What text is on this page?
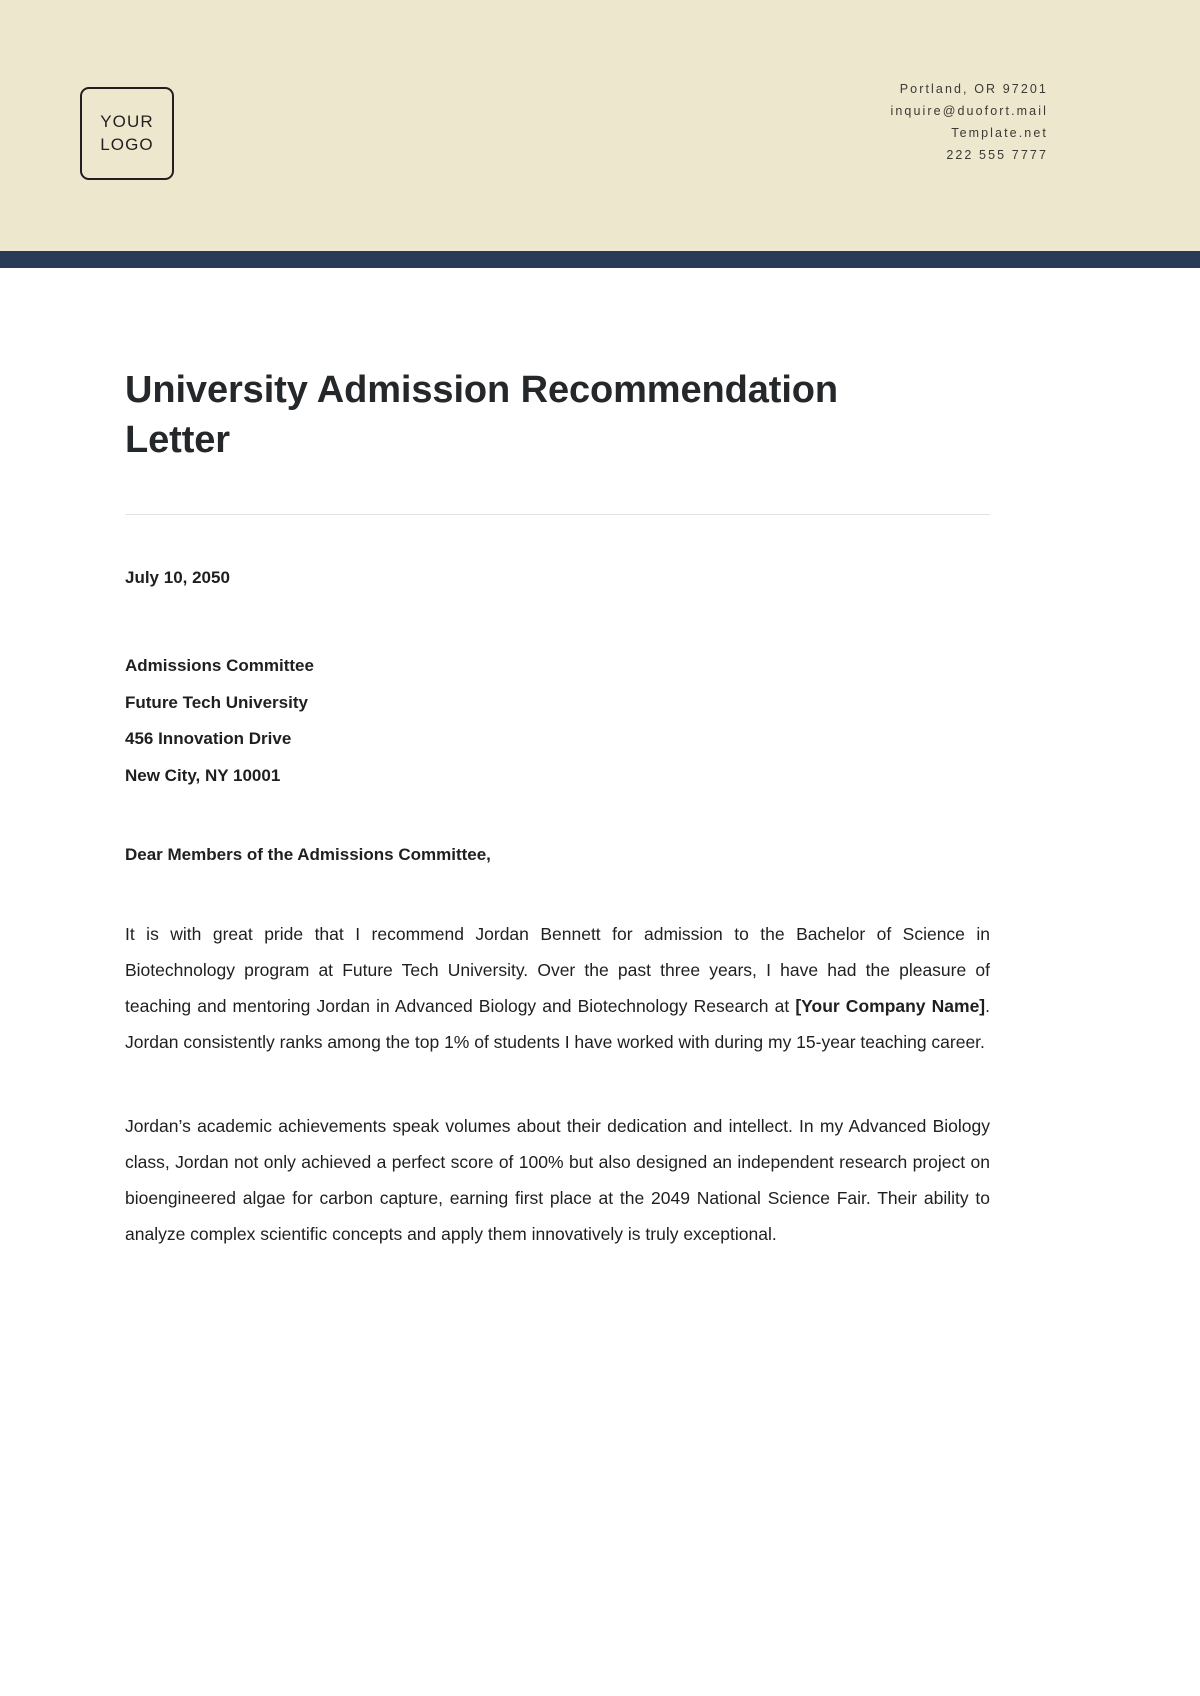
YOUR
LOGO
Portland, OR 97201
inquire@duofort.mail
Template.net
222 555 7777
University Admission Recommendation Letter
July 10, 2050
Admissions Committee
Future Tech University
456 Innovation Drive
New City, NY 10001
Dear Members of the Admissions Committee,

It is with great pride that I recommend Jordan Bennett for admission to the Bachelor of Science in Biotechnology program at Future Tech University. Over the past three years, I have had the pleasure of teaching and mentoring Jordan in Advanced Biology and Biotechnology Research at [Your Company Name]. Jordan consistently ranks among the top 1% of students I have worked with during my 15-year teaching career.

Jordan’s academic achievements speak volumes about their dedication and intellect. In my Advanced Biology class, Jordan not only achieved a perfect score of 100% but also designed an independent research project on bioengineered algae for carbon capture, earning first place at the 2049 National Science Fair. Their ability to analyze complex scientific concepts and apply them innovatively is truly exceptional.
